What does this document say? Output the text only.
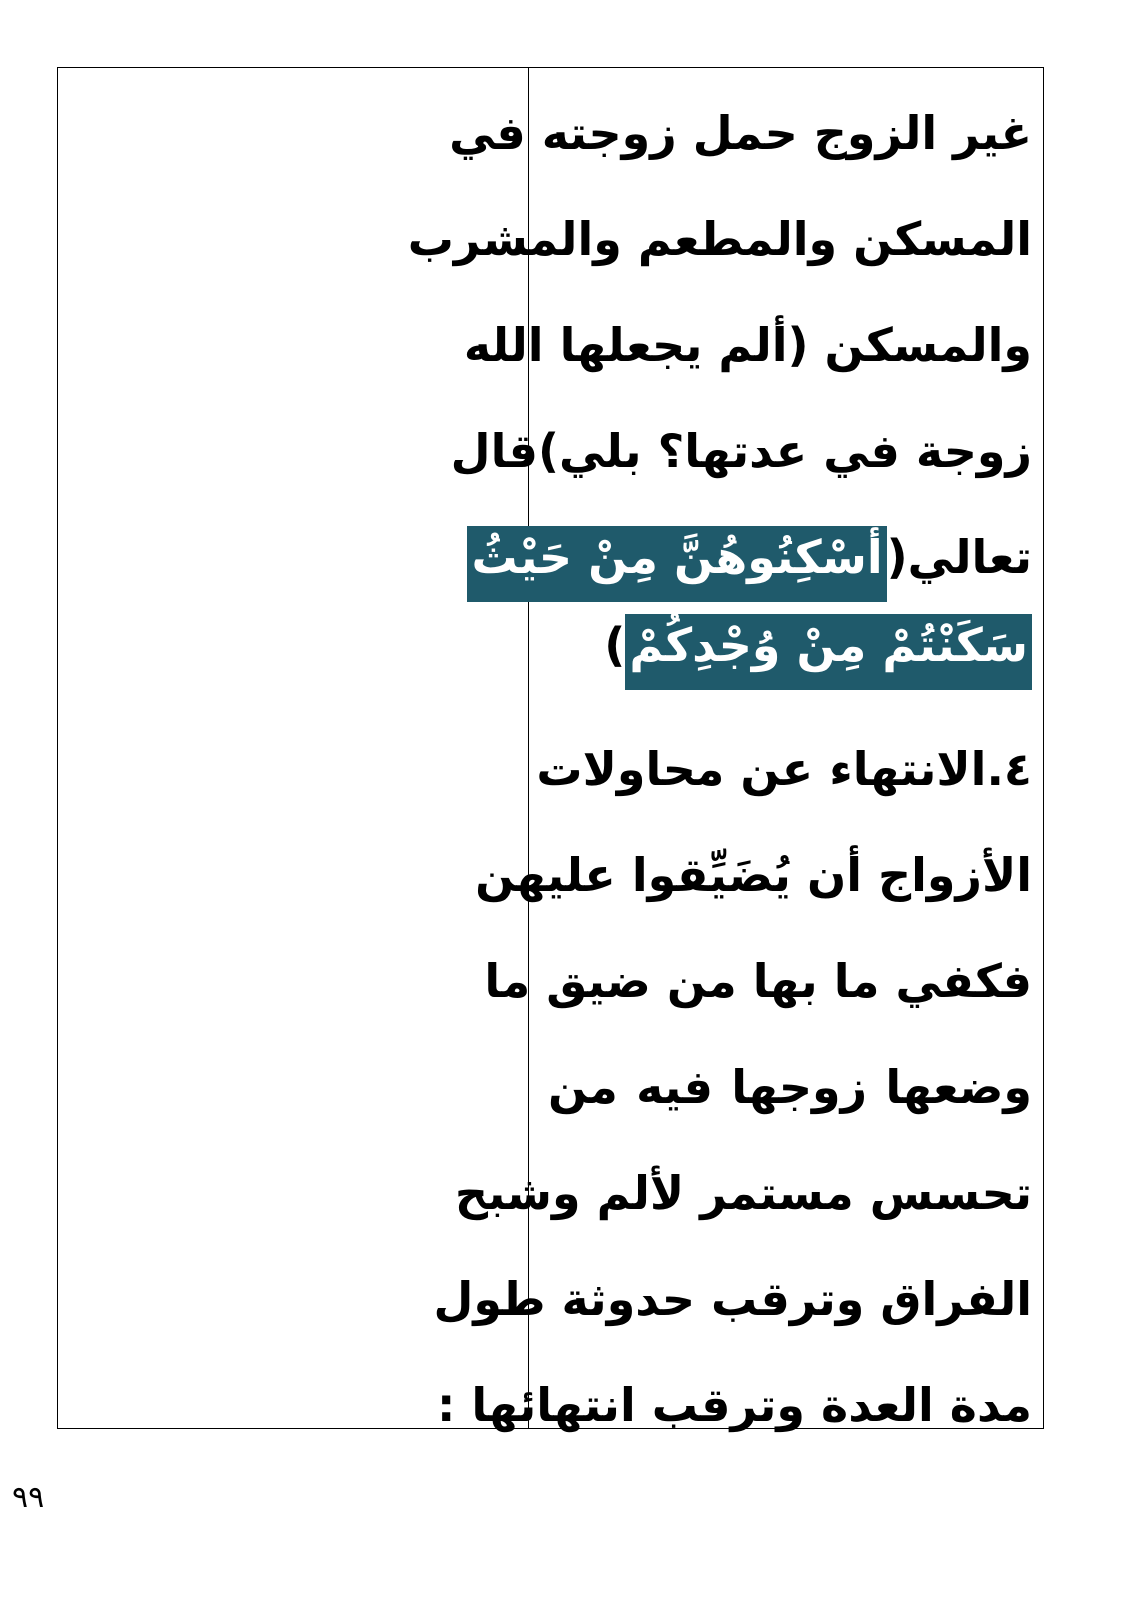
غير الزوج حمل زوجته في
المسكن والمطعم والمشرب
والمسكن (ألم يجعلها الله
زوجة في عدتها؟ بلي)قال
تعالي(أَسْكِنُوهُنَّ مِنْ حَيْثُ
سَكَنْتُمْ مِنْ وُجْدِكُمْ)
٤.الانتهاء عن محاولات
الأزواج أن يُضَيِّقوا عليهن
فكفي ما بها من ضيق ما
وضعها زوجها فيه من
تحسس مستمر لألم وشبح
الفراق وترقب حدوثة طول
مدة العدة وترقب انتهائها :
٩٩
